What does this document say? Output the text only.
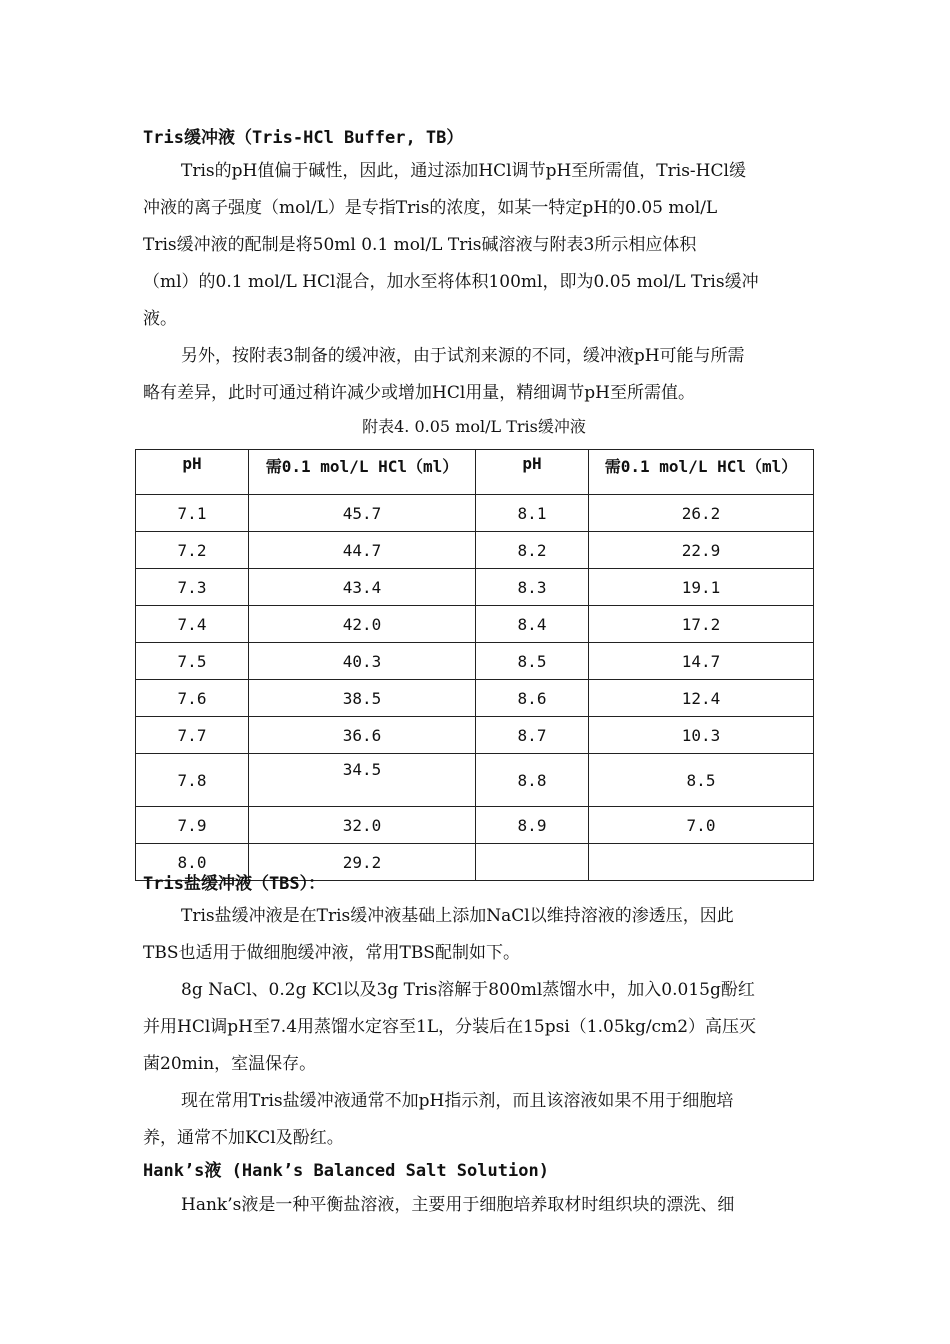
Tris缓冲液（Tris-HCl Buffer, TB）
Tris的pH值偏于碱性，因此，通过添加HCl调节pH至所需值，Tris-HCl缓
冲液的离子强度（mol/L）是专指Tris的浓度，如某一特定pH的0.05 mol/L
Tris缓冲液的配制是将50ml 0.1 mol/L Tris碱溶液与附表3所示相应体积
（ml）的0.1 mol/L HCl混合，加水至将体积100ml，即为0.05 mol/L Tris缓冲
液。
另外，按附表3制备的缓冲液，由于试剂来源的不同，缓冲液pH可能与所需
略有差异，此时可通过稍许减少或增加HCl用量，精细调节pH至所需值。
附表4. 0.05 mol/L Tris缓冲液
pH	需0.1 mol/L HCl（ml）	pH	需0.1 mol/L HCl（ml）
7.1	45.7	8.1	26.2
7.2	44.7	8.2	22.9
7.3	43.4	8.3	19.1
7.4	42.0	8.4	17.2
7.5	40.3	8.5	14.7
7.6	38.5	8.6	12.4
7.7	36.6	8.7	10.3
7.8	34.5	8.8	8.5
7.9	32.0	8.9	7.0
8.0	29.2		
Tris盐缓冲液（TBS）：
Tris盐缓冲液是在Tris缓冲液基础上添加NaCl以维持溶液的渗透压，因此
TBS也适用于做细胞缓冲液，常用TBS配制如下。
8g NaCl、0.2g KCl以及3g Tris溶解于800ml蒸馏水中，加入0.015g酚红
并用HCl调pH至7.4用蒸馏水定容至1L，分装后在15psi（1.05kg/cm2）高压灭
菌20min，室温保存。
现在常用Tris盐缓冲液通常不加pH指示剂，而且该溶液如果不用于细胞培
养，通常不加KCl及酚红。
Hank’s液 (Hank’s Balanced Salt Solution)
Hank’s液是一种平衡盐溶液，主要用于细胞培养取材时组织块的漂洗、细
